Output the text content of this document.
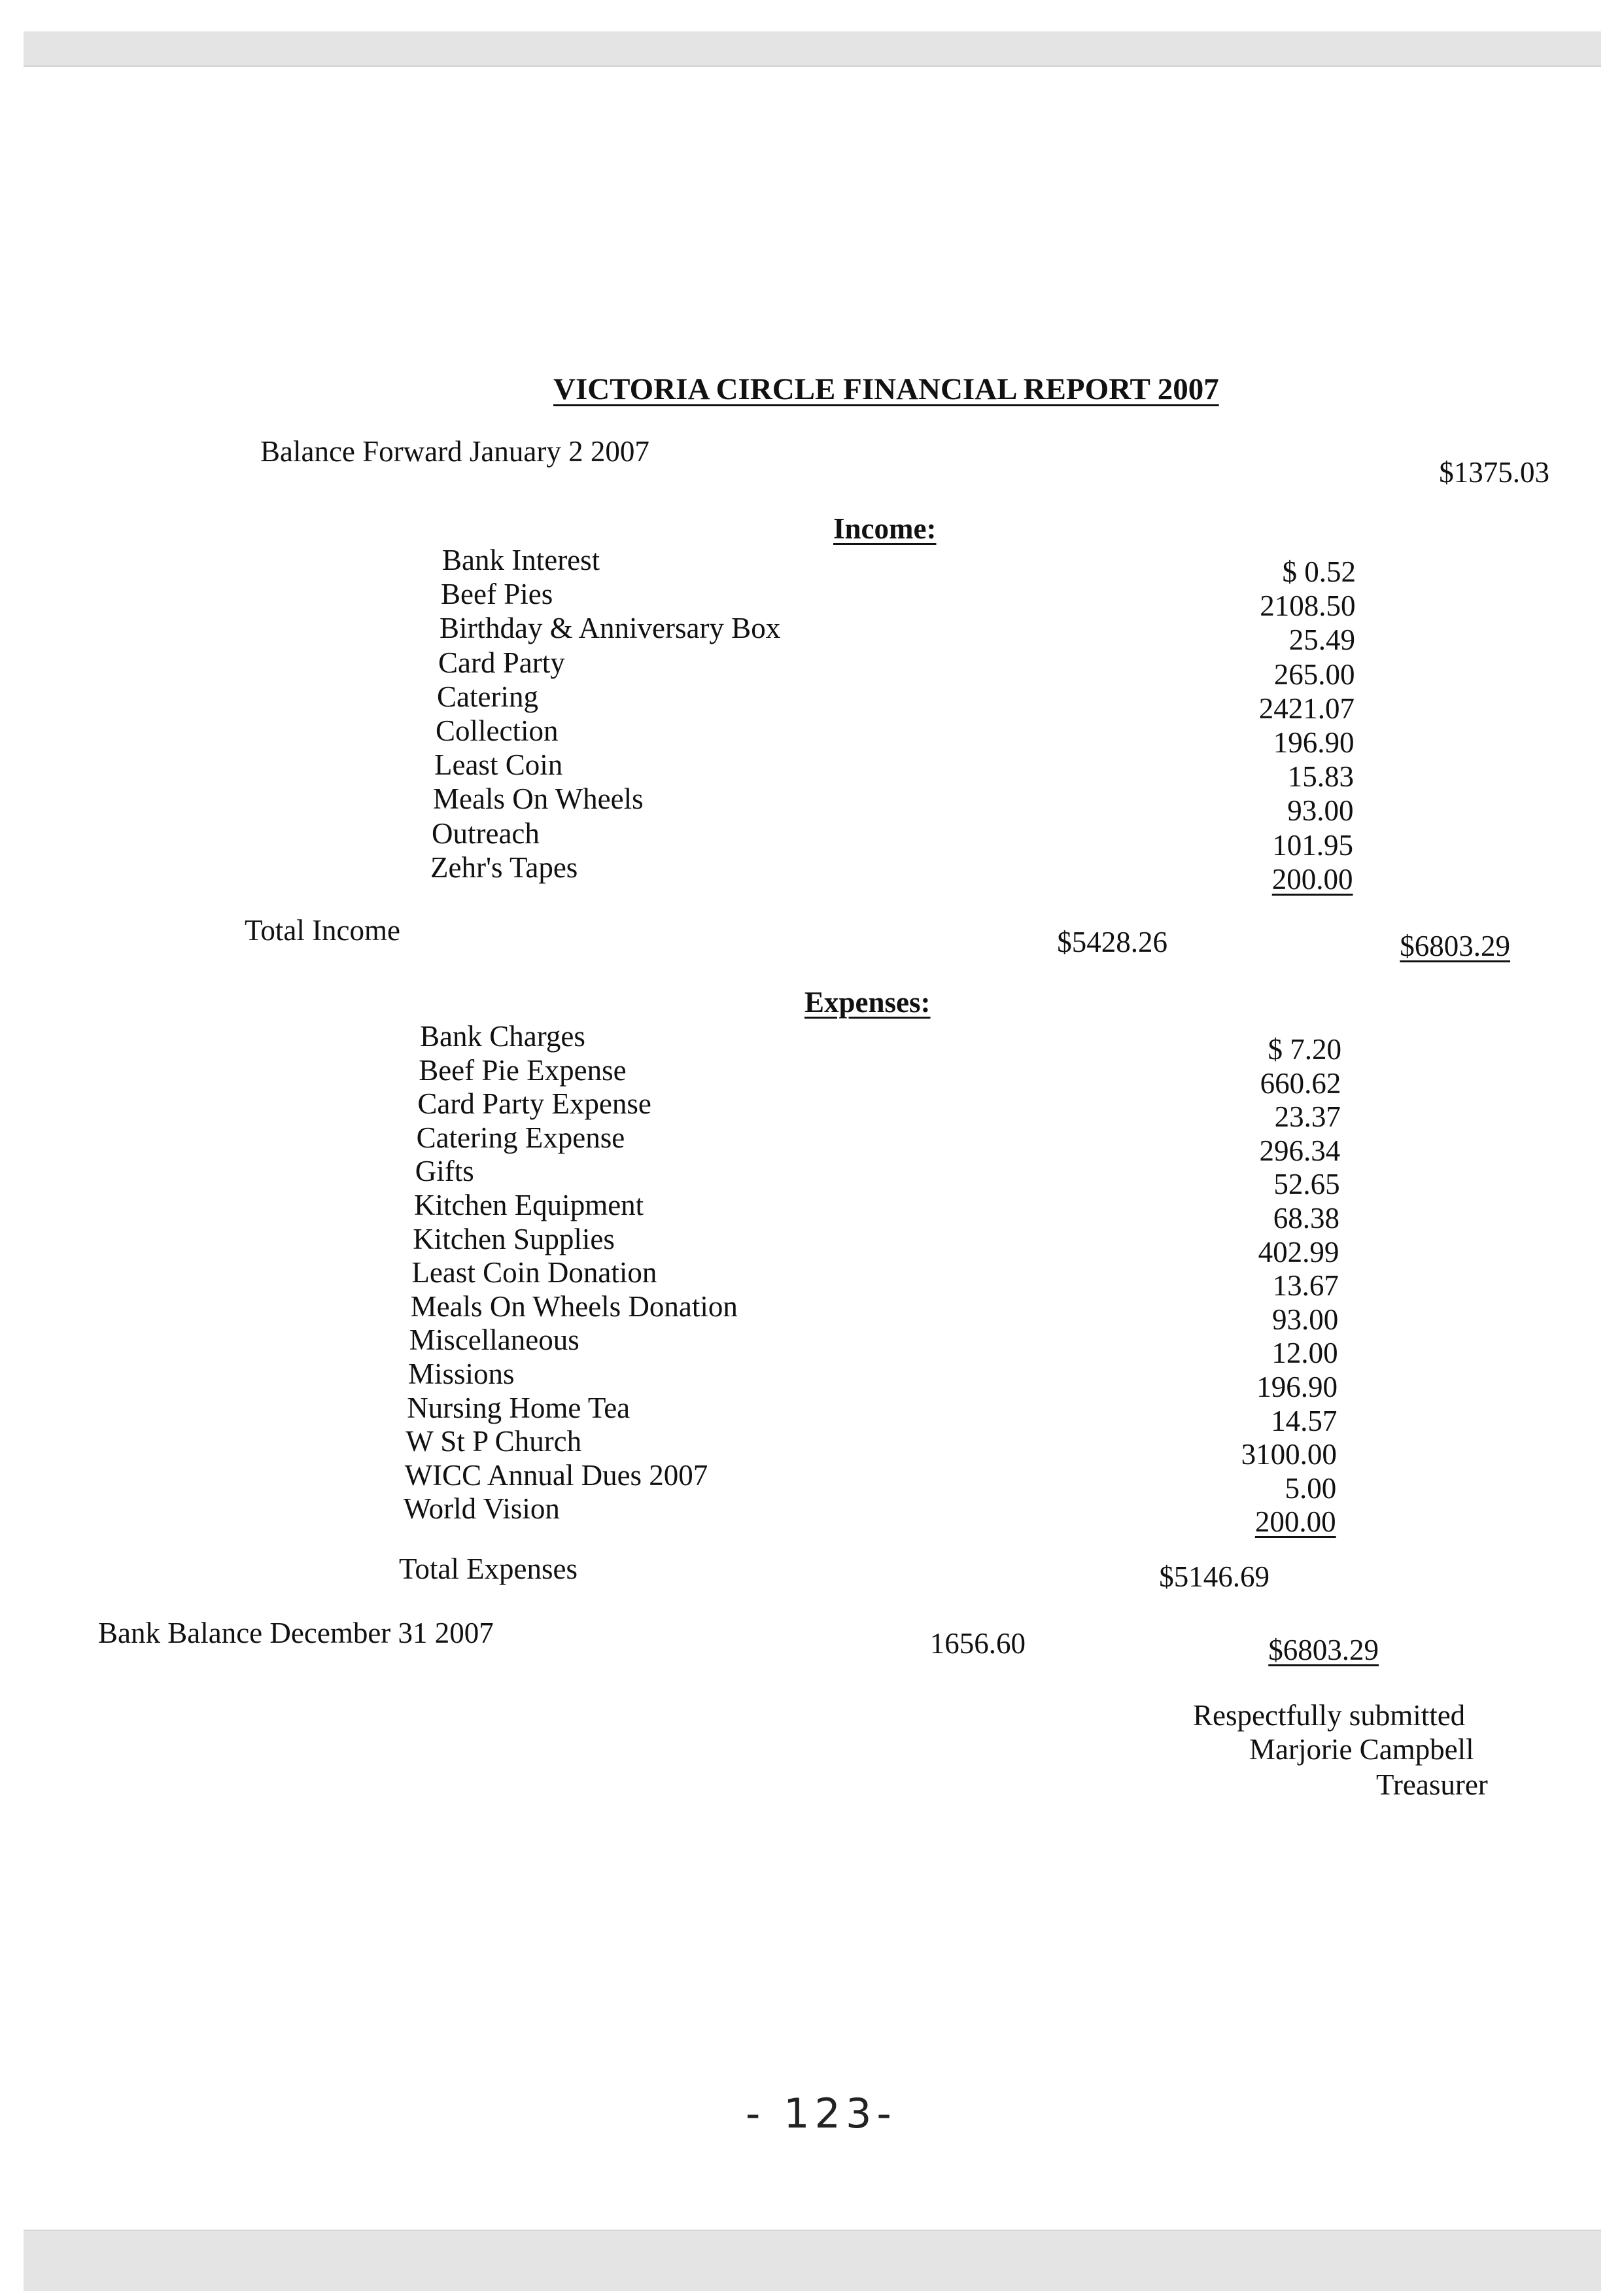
VICTORIA CIRCLE FINANCIAL REPORT 2007
Balance Forward January 2 2007
$1375.03
Income:
Bank Interest	$ 0.52
Beef Pies	2108.50
Birthday & Anniversary Box	25.49
Card Party	265.00
Catering	2421.07
Collection	196.90
Least Coin	15.83
Meals On Wheels	93.00
Outreach	101.95
Zehr's Tapes	200.00
Total Income	$5428.26	$6803.29
Expenses:
Bank Charges	$ 7.20
Beef Pie Expense	660.62
Card Party Expense	23.37
Catering Expense	296.34
Gifts	52.65
Kitchen Equipment	68.38
Kitchen Supplies	402.99
Least Coin Donation	13.67
Meals On Wheels Donation	93.00
Miscellaneous	12.00
Missions	196.90
Nursing Home Tea	14.57
W St P Church	3100.00
WICC Annual Dues 2007	5.00
World Vision	200.00
Total Expenses	$5146.69
Bank Balance December 31 2007	1656.60	$6803.29
Respectfully submitted
Marjorie Campbell
Treasurer
- 123-
